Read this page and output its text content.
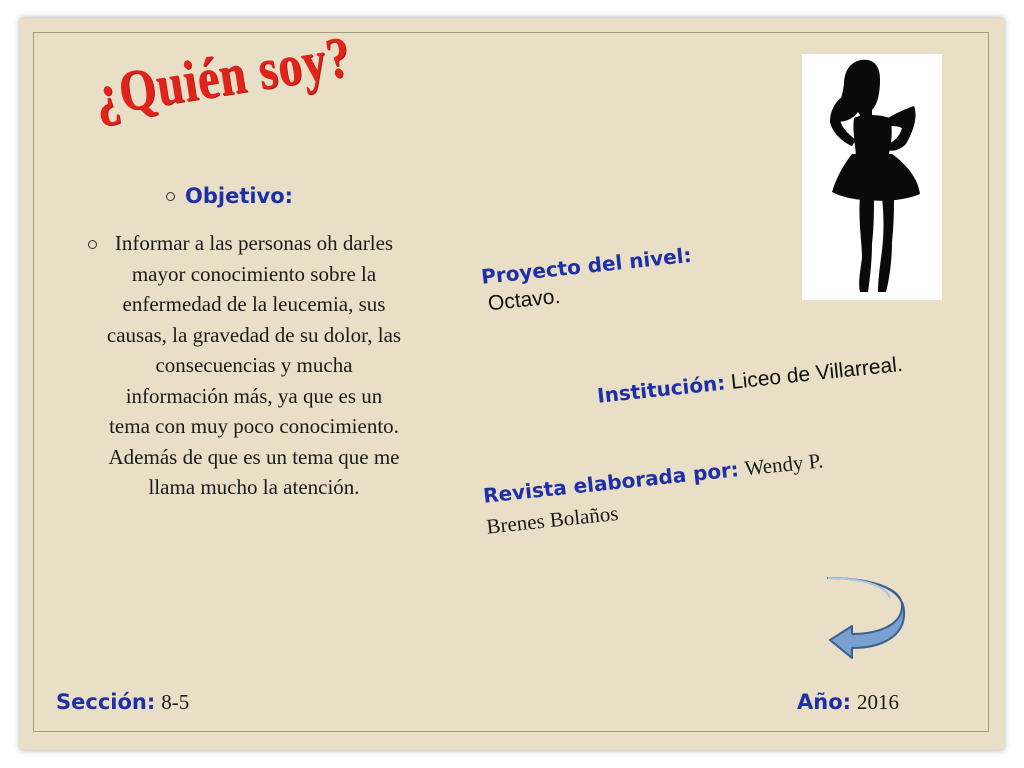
¿Quién soy?
Objetivo:

Informar a las personas oh darles mayor conocimiento sobre la enfermedad de la leucemia, sus causas, la gravedad de su dolor, las consecuencias y mucha información más, ya que es un tema con muy poco conocimiento. Además de que es un tema que me llama mucho la atención.

Proyecto del nivel:
Octavo.
Institución: Liceo de Villarreal.
Revista elaborada por: Wendy P.
Brenes Bolaños
Sección: 8-5	Año: 2016
